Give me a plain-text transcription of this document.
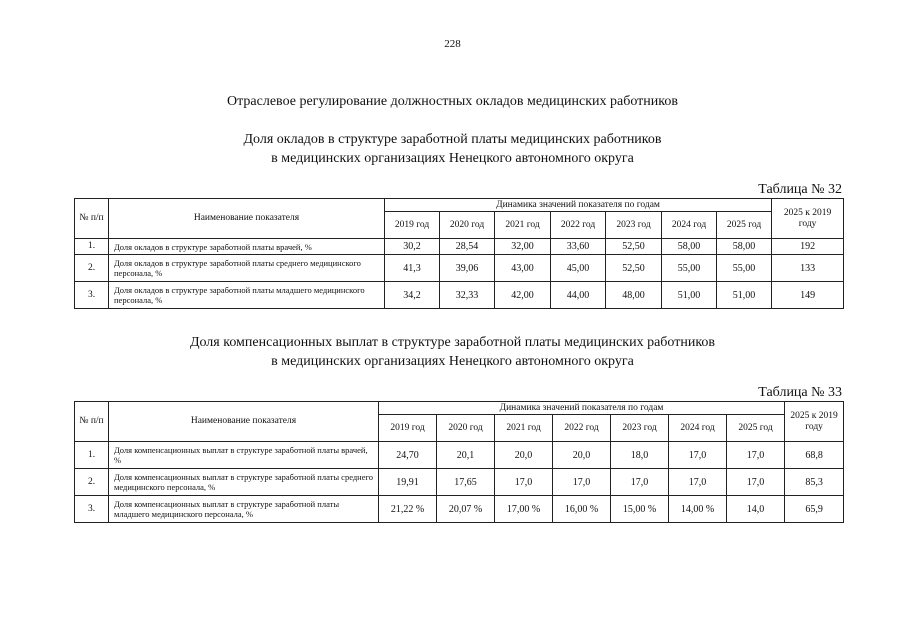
228
Отраслевое регулирование должностных окладов медицинских работников
Доля окладов в структуре заработной платы медицинских работников
в медицинских организациях Ненецкого автономного округа
Таблица № 32
№ п/п	Наименование показателя	Динамика значений показателя по годам							2025 к 2019 году
		2019 год	2020 год	2021 год	2022 год	2023 год	2024 год	2025 год	
1.	Доля окладов в структуре заработной платы врачей, %	30,2	28,54	32,00	33,60	52,50	58,00	58,00	192
2.	Доля окладов в структуре заработной платы среднего медицинского персонала, %	41,3	39,06	43,00	45,00	52,50	55,00	55,00	133
3.	Доля окладов в структуре заработной платы младшего медицинского персонала, %	34,2	32,33	42,00	44,00	48,00	51,00	51,00	149
Доля компенсационных выплат в структуре заработной платы медицинских работников
в медицинских организациях Ненецкого автономного округа
Таблица № 33
№ п/п	Наименование показателя	Динамика значений показателя по годам							2025 к 2019 году
		2019 год	2020 год	2021 год	2022 год	2023 год	2024 год	2025 год	
1.	Доля компенсационных выплат в структуре заработной платы врачей, %	24,70	20,1	20,0	20,0	18,0	17,0	17,0	68,8
2.	Доля компенсационных выплат в структуре заработной платы среднего медицинского персонала, %	19,91	17,65	17,0	17,0	17,0	17,0	17,0	85,3
3.	Доля компенсационных выплат в структуре заработной платы младшего медицинского персонала, %	21,22 %	20,07 %	17,00 %	16,00 %	15,00 %	14,00 %	14,0	65,9
